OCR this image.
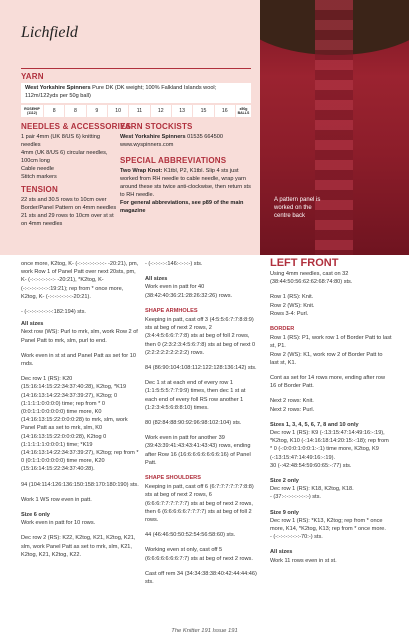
A pattern panel is worked on the centre back
Lichfield
YARN
West Yorkshire Spinners Pure DK (DK weight; 100% Falkland Islands wool; 112m/122yds per 50g ball)
ROSEHIP (1112)	8	8	9	10	11	12	13	15	16	x50g BALLS
NEEDLES & ACCESSORIES
1 pair 4mm (UK 8/US 6) knitting needles
4mm (UK 8/US 6) circular needles, 100cm long
Cable needle
Stitch markers
TENSION
22 sts and 30.5 rows to 10cm over Border/Panel Pattern on 4mm needles
21 sts and 29 rows to 10cm over st st on 4mm needles
YARN STOCKISTS
West Yorkshire Spinners 01535 664500
www.wyspinners.com
SPECIAL ABBREVIATIONS
Two Wrap Knot: K1tbl, P2, K1tbl. Slip 4 sts just worked from RH needle to cable needle, wrap yarn around these sts twice anti-clockwise, then return sts to RH needle.
For general abbreviations, see p89 of the main magazine

once more, K2tog, K- (-:-:-:-:-:-:-:-:- -20:21), pm, work Row 1 of Panel Patt over next 20sts, pm, K- (-:-:-:-:-:-:-:- -20:21), *K2tog, K- (-:-:-:-:-:-:-:-:19:21); rep from * once more, K2tog, K- (-:-:-:-:-:-:-:-20:21).

- (-:-:-:-:-:-:-:-:182:194) sts.

All sizes

Next row (WS): Purl to mrk, slm, work Row 2 of Panel Patt to mrk, slm, purl to end.

Work even in st st and Panel Patt as set for 10 rnds.

Dec row 1 (RS): K20 (15:16:14:15:22:34:37:40:28), K2tog, *K19 (14:16:13:14:22:34:37:39:27), K2tog; 0 (1:1:1:1:0:0:0:0) time; rep from * 0 (0:0:1:1:0:0:0:0:0) time more, K0 (14:16:13:15:22:0:0:0:28) to mrk, slm, work Panel Patt as set to mrk, slm, K0 (14:16:13:15:22:0:0:0:28), K2tog 0 (1:1:1:1:1:0:0:0:1) time; *K19 (14:16:13:14:22:34:37:39:27), K2tog; rep from * 0 (0:1:1:0:0:0:0:0) time more, K20 (15:16:14:15:22:34:37:40:28).

94 (104:114:126:136:150:158:170:180:190) sts.

Work 1 WS row even in patt.

Size 6 only

Work even in patt for 10 rows.

Dec row 2 (RS): K22, K2tog, K21, K2tog, K21, slm, work Panel Patt as set to mrk, slm, K21, K2tog, K21, K2tog, K22.

- (-:-:-:-:-:146:-:-:-:-) sts.

All sizes

Work even in patt for 40 (38:42:40:36:21:28:26:32:26) rows.

SHAPE ARMHOLES

Keeping in patt, cast off 3 (4:5:5:6:7:7:8:8:9) sts at beg of next 2 rows, 2 (3:4:4:5:6:6:7:7:8) sts at beg of foll 2 rows, then 0 (2:3:2:3:4:5:6:7:8) sts at beg of next 0 (2:2:2:2:2:2:2:2:2) rows.

84 (86:90:104:108:112:122:128:136:142) sts.

Dec 1 st at each end of every row 1 (1:1:5:5:5:7:7:9:9) times, then dec 1 st at each end of every foll RS row another 1 (1:2:3:4:5:6:8:8:10) times.

80 (82:84:88:90:92:96:98:102:104) sts.

Work even in patt for another 39 (39:43:39:41:43:43:41:43:43) rows, ending after Row 16 (16:6:6:6:6:6:6:6:16) of Panel Patt.

SHAPE SHOULDERS

Keeping in patt, cast off 6 (6:7:7:7:7:7:7:8:8) sts at beg of next 2 rows, 6 (6:6:6:7:7:7:7:7:7) sts at beg of next 2 rows, then 6 (6:6:6:6:6:7:7:7:7) sts at beg of foll 2 rows.

44 (46:46:50:50:52:54:56:58:60) sts.

Working even st only, cast off 5 (6:6:6:6:6:6:6:7:7) sts at beg of next 2 rows.

Cast off rem 34 (34:34:38:38:40:42:44:44:46) sts.

LEFT FRONT

Using 4mm needles, cast on 32 (38:44:50:56:62:62:68:74:80) sts.

Row 1 (RS): Knit.
Row 2 (WS): Knit.

Rows 3-4: Purl.

BORDER
Row 1 (RS): P1, work row 1 of Border Patt to last st, P1.

Row 2 (WS): K1, work row 2 of Border Patt to last st, K1.

Cont as set for 14 rows more, ending after row 16 of Border Patt.

Next 2 rows: Knit.

Next 2 rows: Purl.

Sizes 1, 3, 4, 5, 6, 7, 8 and 10 only
Dec row 1 (RS): K9 (-:13:15:47:14:49:16:-:19), *K2tog, K10 (-:14:16:18:14:20:15:-:18); rep from * 0 (-:0:0:0:1:0:0:1:-:1) time more, K2tog, K9 (-:13:15:47:14:49:16:-:19).

30 (-:42:48:54:59:60:65:-:77) sts.

Size 2 only
Dec row 1 (RS): K18, K2tog, K18.

- (37:-:-:-:-:-:-:-:-) sts.

Size 9 only
Dec row 1 (RS): *K13, K2tog; rep from * once more, K14, *K2tog, K13; rep from * once more.

- (-:-:-:-:-:-:-:-70:-) sts.

All sizes
Work 11 rows even in st st.
The Knitter 191 Issue 191
